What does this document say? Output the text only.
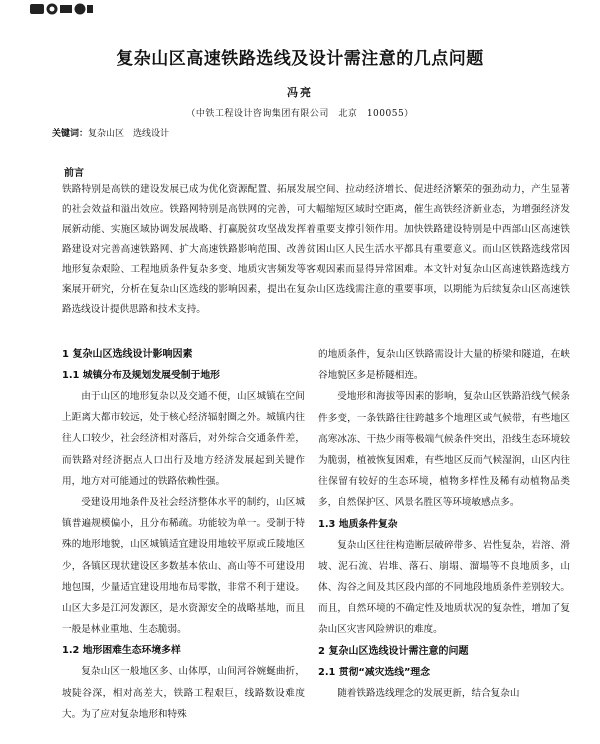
复杂山区高速铁路选线及设计需注意的几点问题
冯亮
（中铁工程设计咨询集团有限公司　北京　100055）
关键词：复杂山区　选线设计
前言
铁路特别是高铁的建设发展已成为优化资源配置、拓展发展空间、拉动经济增长、促进经济繁荣的强劲动力，产生显著的社会效益和溢出效应。铁路网特别是高铁网的完善，可大幅缩短区域时空距离，催生高铁经济新业态，为增强经济发展新动能、实施区域协调发展战略、打赢脱贫攻坚战发挥着重要支撑引领作用。加快铁路建设特别是中西部山区高速铁路建设对完善高速铁路网、扩大高速铁路影响范围、改善贫困山区人民生活水平都具有重要意义。而山区铁路选线常因地形复杂艰险、工程地质条件复杂多变、地质灾害频发等客观因素而显得异常困难。本文针对复杂山区高速铁路选线方案展开研究，分析在复杂山区选线的影响因素，提出在复杂山区选线需注意的重要事项，以期能为后续复杂山区高速铁路选线设计提供思路和技术支持。
1 复杂山区选线设计影响因素
1.1 城镇分布及规划发展受制于地形

由于山区的地形复杂以及交通不便，山区城镇在空间上距离大都市较远，处于核心经济辐射圈之外。城镇内往往人口较少，社会经济相对落后，对外综合交通条件差，而铁路对经济据点人口出行及地方经济发展起到关键作用，地方对可能通过的铁路依赖性强。

受建设用地条件及社会经济整体水平的制约，山区城镇普遍规模偏小，且分布稀疏。功能较为单一。受制于特殊的地形地貌，山区城镇适宜建设用地较平原或丘陵地区少，各镇区现状建设区多数基本依山、高山等不可建设用地包围，少量适宜建设用地布局零散，非常不利于建设。山区大多是江河发源区，是水资源安全的战略基地，而且一般是林业重地、生态脆弱。

1.2 地形困难生态环境多样

复杂山区一般地区多、山体厚，山间河谷婉蜒曲折，坡陡谷深，相对高差大，铁路工程艰巨，线路数设难度大。为了应对复杂地形和特殊

的地质条件，复杂山区铁路需设计大量的桥梁和隧道，在峡谷地貌区多是桥隧相连。

受地形和海拔等因素的影响，复杂山区铁路沿线气候条件多变，一条铁路往往跨越多个地理区或气候带，有些地区高寒冰冻、干热少雨等极端气候条件突出，沿线生态环境较为脆弱，植被恢复困难，有些地区反而气候湿润，山区内往往保留有较好的生态环境，植物多样性及稀有动植物品类多，自然保护区、风景名胜区等环境敏感点多。

1.3 地质条件复杂

复杂山区往往构造断层破碎带多、岩性复杂，岩溶、滑坡、泥石流、岩堆、落石、崩塌、溜塌等不良地质多，山体、沟谷之间及其区段内部的不同地段地质条件差别较大。而且，自然环境的不确定性及地质状况的复杂性，增加了复杂山区灾害风险辨识的难度。

2 复杂山区选线设计需注意的问题
2.1 贯彻“减灾选线”理念

随着铁路选线理念的发展更新，结合复杂山
